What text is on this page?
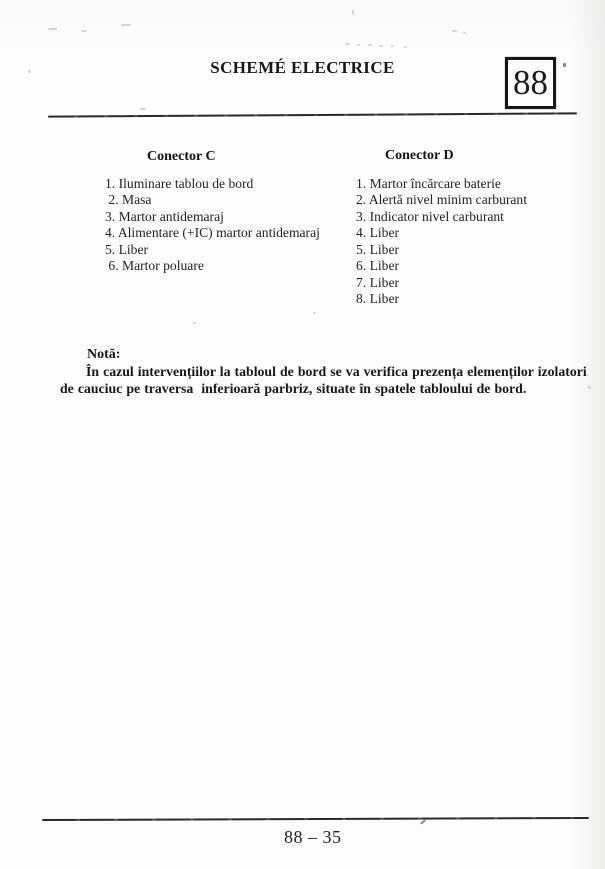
SCHEMÉ ELECTRICE	88
Conector C	Conector D
1. Iluminare tablou de bord
2. Masa
3. Martor antidemaraj
4. Alimentare (+IC) martor antidemaraj
5. Liber
6. Martor poluare
1. Martor încărcare baterie
2. Alertă nivel minim carburant
3. Indicator nivel carburant
4. Liber
5. Liber
6. Liber
7. Liber
8. Liber
Notă:
În cazul intervențiilor la tabloul de bord se va verifica prezența elemenților izolatori
de cauciuc pe traversa  inferioară parbriz, situate în spatele tabloului de bord.
88 – 35
